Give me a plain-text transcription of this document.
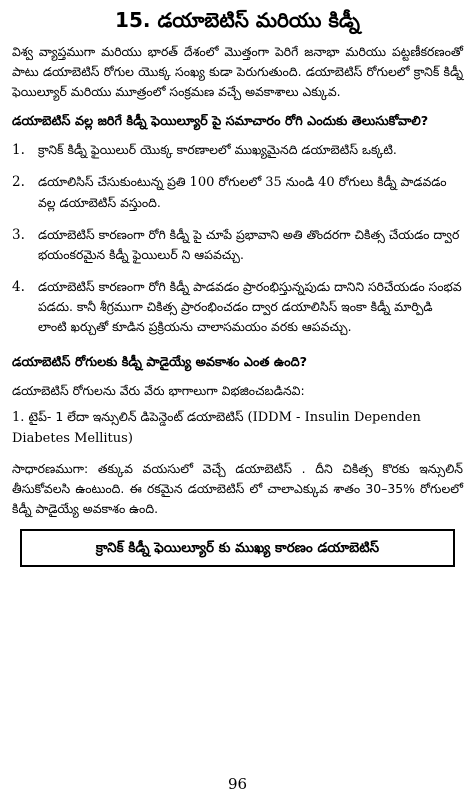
15. డయాబెటిస్ మరియు కిడ్నీ

విశ్వ వ్యాప్తముగా మరియు భారత్ దేశంలో మొత్తంగా పెరిగే జనాభా మరియు పట్టణీకరణంతో పాటు డయాబెటిస్ రోగుల యొక్క సంఖ్య కుడా పెరుగుతుంది. డయాబెటిస్ రోగులలో క్రానిక్ కిడ్నీ ఫెయిల్యూర్ మరియు మూత్రంలో సంక్రమణ వచ్చే అవకాశాలు ఎక్కువ.

డయాబెటిస్ వల్ల జరిగే కిడ్నీ ఫెయిల్యూర్ పై సమాచారం రోగి ఎందుకు తెలుసుకోవాలి?
1.	క్రానిక్ కిడ్నీ ఫైయిలుర్ యొక్క కారణాలలో ముఖ్యమైనది డయాబెటిస్ ఒక్కటి.
2.	డయాలిసిస్ చేసుకుంటున్న ప్రతి 100 రోగులలో 35 నుండి 40 రోగులు కిడ్నీ పాడవడం వల్ల డయాబెటిస్ వస్తుంది.
3.	డయాబెటిస్ కారణంగా రోగి కిడ్నీ పై చూపే ప్రభావాని అతి తొందరగా చికిత్స చేయడం ద్వార భయంకరమైన కిడ్నీ ఫైయిలుర్ ని ఆపవచ్చు.
4.	డయాబెటిస్ కారణంగా రోగి కిడ్నీ పాడవడం ప్రారంభిస్తున్నపుడు దానిని సరిచేయడం సంభవ పడదు. కానీ శీగ్రముగా చికిత్స ప్రారంభించడం ద్వార డయాలిసిస్ ఇంకా కిడ్నీ మార్పిడి లాంటి ఖర్చుతో కూడిన ప్రక్రియను చాలాసమయం వరకు ఆపవచ్చు.
డయాబెటిస్ రోగులకు కిడ్నీ పాడైయ్యే అవకాశం ఎంత ఉంది?

డయాబెటిస్ రోగులను వేరు వేరు భాగాలుగా విభజించబడినవి:

1. టైప్- 1 లేదా ఇన్సులిన్ డిపెన్డెంట్ డయాబెటిస్ (IDDM - Insulin Dependen Diabetes Mellitus)

సాధారణముగా: తక్కువ వయసులో వెచ్చే డయాబెటిస్ . దీని చికిత్స కొరకు ఇన్సులిన్ తీసుకోవలసి ఉంటుంది. ఈ రకమైన డయాబెటిస్ లో చాలాఎక్కువ శాతం 30–35% రోగులలో కిడ్నీ పాడైయ్యే అవకాశం ఉంది.

క్రానిక్ కిడ్నీ ఫెయిల్యూర్ కు ముఖ్య కారణం డయాబెటిస్
96
